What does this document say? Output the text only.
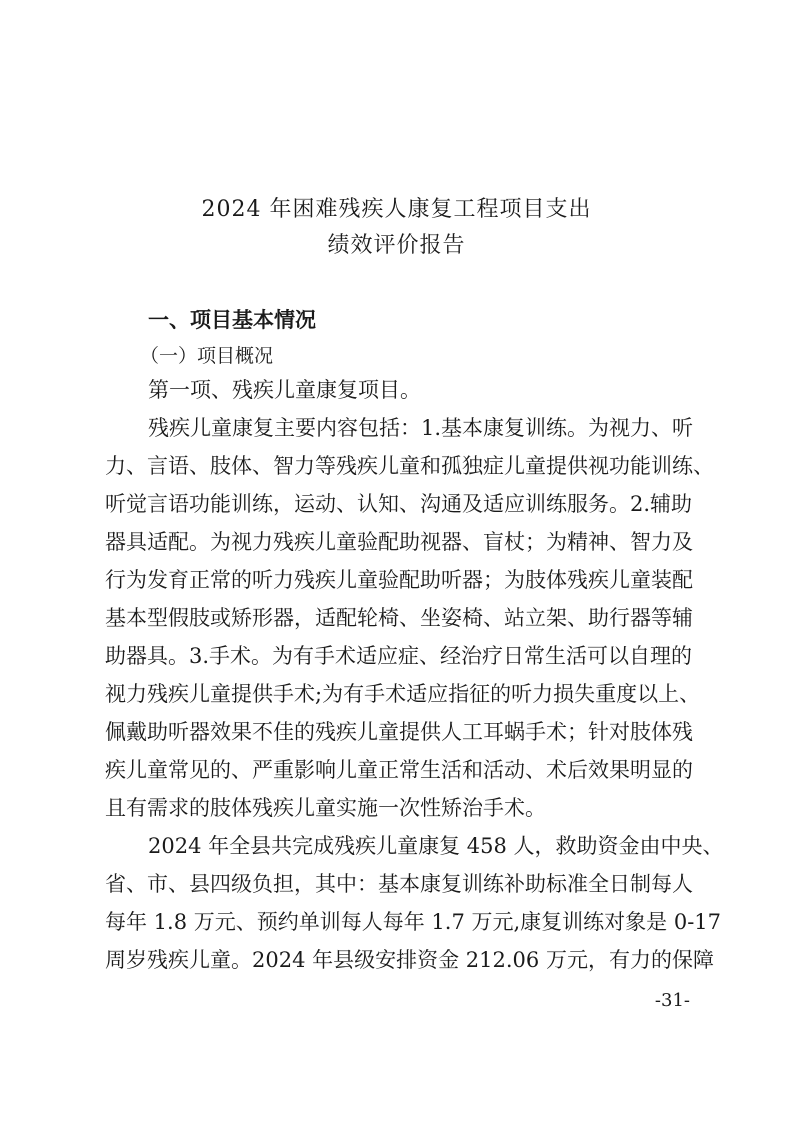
2024 年困难残疾人康复工程项目支出
绩效评价报告
一、项目基本情况
（一）项目概况
第一项、残疾儿童康复项目。
残疾儿童康复主要内容包括：1.基本康复训练。为视力、听
力、言语、肢体、智力等残疾儿童和孤独症儿童提供视功能训练、
听觉言语功能训练，运动、认知、沟通及适应训练服务。2.辅助
器具适配。为视力残疾儿童验配助视器、盲杖；为精神、智力及
行为发育正常的听力残疾儿童验配助听器；为肢体残疾儿童装配
基本型假肢或矫形器，适配轮椅、坐姿椅、站立架、助行器等辅
助器具。3.手术。为有手术适应症、经治疗日常生活可以自理的
视力残疾儿童提供手术;为有手术适应指征的听力损失重度以上、
佩戴助听器效果不佳的残疾儿童提供人工耳蜗手术；针对肢体残
疾儿童常见的、严重影响儿童正常生活和活动、术后效果明显的
且有需求的肢体残疾儿童实施一次性矫治手术。
2024 年全县共完成残疾儿童康复 458 人，救助资金由中央、
省、市、县四级负担，其中：基本康复训练补助标准全日制每人
每年 1.8 万元、预约单训每人每年 1.7 万元,康复训练对象是 0-17
周岁残疾儿童。2024 年县级安排资金 212.06 万元，有力的保障
-31-
